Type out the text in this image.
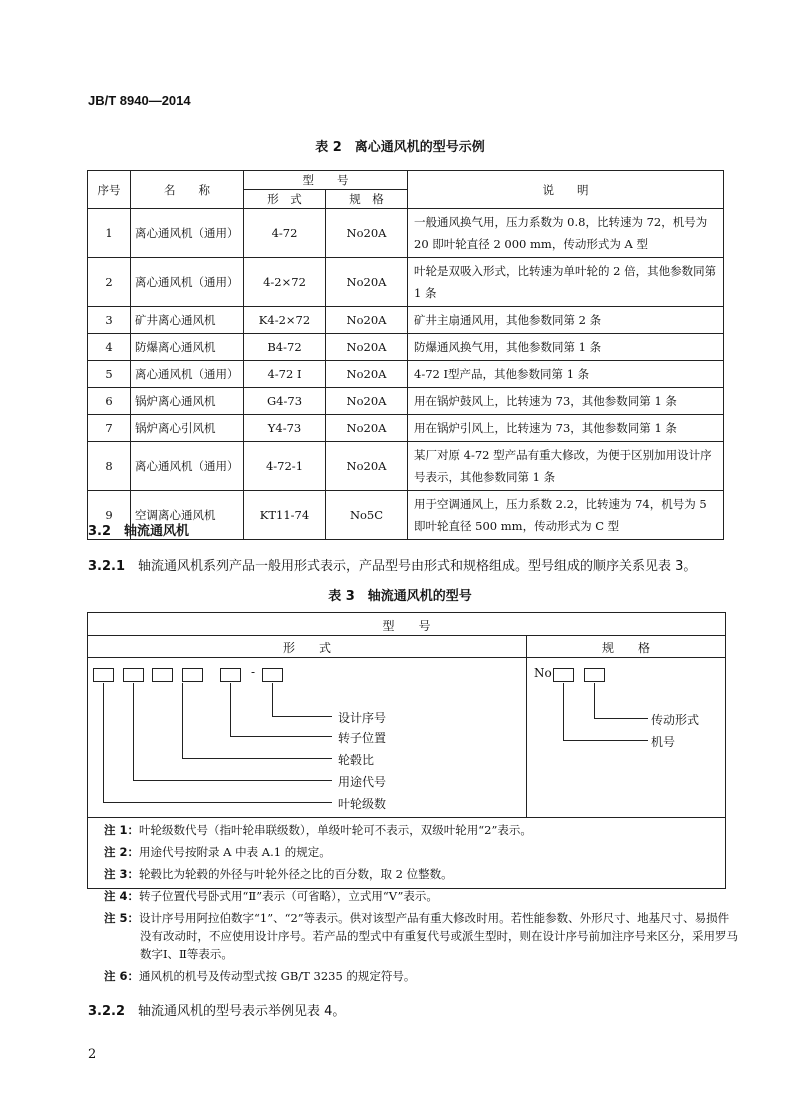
JB/T 8940—2014
表 2　离心通风机的型号示例
序号	名　　称	型　　号		说　　明
		形　式	规　格	
1	离心通风机（通用）	4-72	No20A	一般通风换气用，压力系数为 0.8，比转速为 72，机号为 20 即叶轮直径 2 000 mm，传动形式为 A 型
2	离心通风机（通用）	4-2×72	No20A	叶轮是双吸入形式，比转速为单叶轮的 2 倍，其他参数同第 1 条
3	矿井离心通风机	K4-2×72	No20A	矿井主扇通风用，其他参数同第 2 条
4	防爆离心通风机	B4-72	No20A	防爆通风换气用，其他参数同第 1 条
5	离心通风机（通用）	4-72 I	No20A	4-72 Ⅰ型产品，其他参数同第 1 条
6	锅炉离心通风机	G4-73	No20A	用在锅炉鼓风上，比转速为 73，其他参数同第 1 条
7	锅炉离心引风机	Y4-73	No20A	用在锅炉引风上，比转速为 73，其他参数同第 1 条
8	离心通风机（通用）	4-72-1	No20A	某厂对原 4-72 型产品有重大修改，为便于区别加用设计序号表示，其他参数同第 1 条
9	空调离心通风机	KT11-74	No5C	用于空调通风上，压力系数 2.2，比转速为 74，机号为 5 即叶轮直径 500 mm，传动形式为 C 型
3.2　 轴流通风机
3.2.1　 轴流通风机系列产品一般用形式表示，产品型号由形式和规格组成。型号组成的顺序关系见表 3。
表 3　轴流通风机的型号
型　　号
形　　式	规　　格
-
设计序号
转子位置
轮毂比
用途代号
叶轮级数
No
传动形式
机号
注 1：叶轮级数代号（指叶轮串联级数），单级叶轮可不表示，双级叶轮用“2”表示。
注 2：用途代号按附录 A 中表 A.1 的规定。
注 3：轮毂比为轮毂的外径与叶轮外径之比的百分数，取 2 位整数。
注 4：转子位置代号卧式用“Ⅱ”表示（可省略），立式用“V”表示。
注 5：设计序号用阿拉伯数字“1”、“2”等表示。供对该型产品有重大修改时用。若性能参数、外形尺寸、地基尺寸、易损件没有改动时，不应使用设计序号。若产品的型式中有重复代号或派生型时，则在设计序号前加注序号来区分，采用罗马数字Ⅰ、Ⅱ等表示。
注 6：通风机的机号及传动型式按 GB/T 3235 的规定符号。
3.2.2　 轴流通风机的型号表示举例见表 4。
2
